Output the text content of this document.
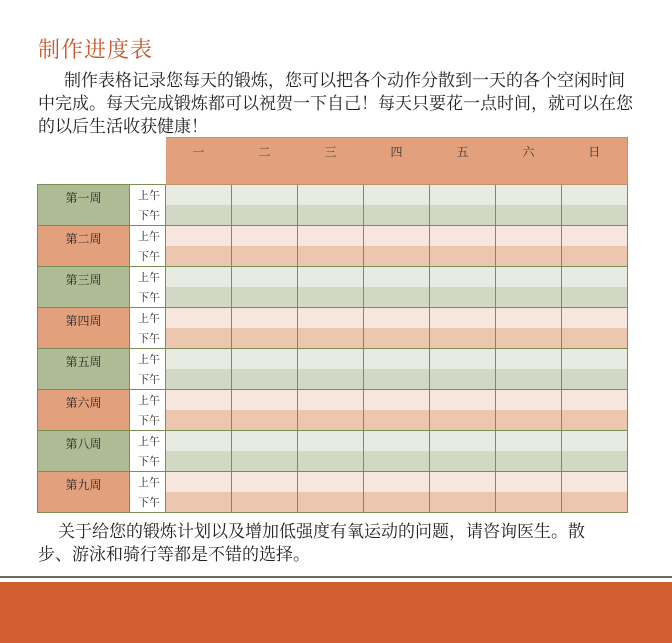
制作进度表

制作表格记录您每天的锻炼，您可以把各个动作分散到一天的各个空闲时间中完成。每天完成锻炼都可以祝贺一下自己！每天只要花一点时间，就可以在您的以后生活收获健康！

		一	二	三	四	五	六	日
第一周	上午							
	下午							
第二周	上午							
	下午							
第三周	上午							
	下午							
第四周	上午							
	下午							
第五周	上午							
	下午							
第六周	上午							
	下午							
第八周	上午							
	下午							
第九周	上午							
	下午							

关于给您的锻炼计划以及增加低强度有氧运动的问题，请咨询医生。散步、游泳和骑行等都是不错的选择。
